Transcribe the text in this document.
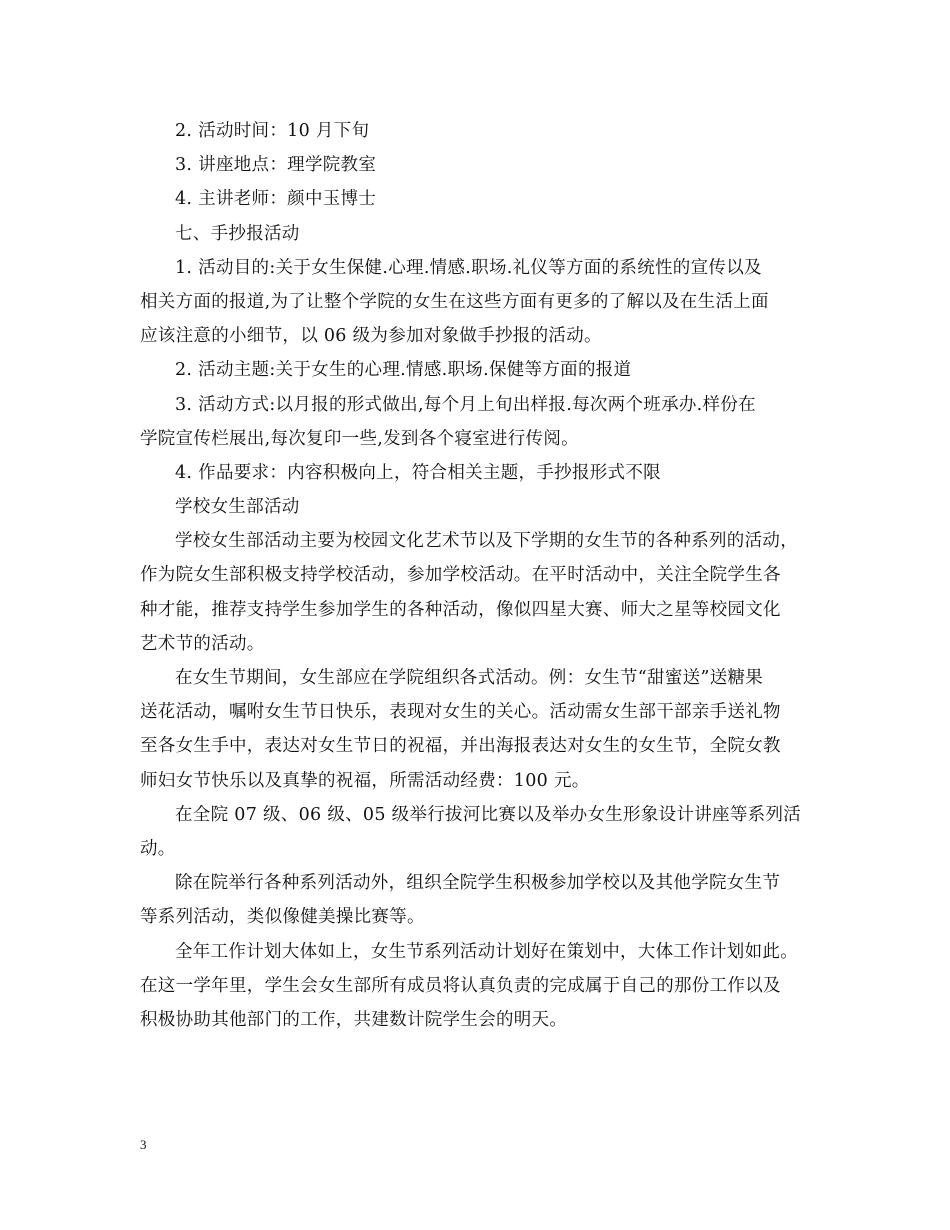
2. 活动时间：10 月下旬
3. 讲座地点：理学院教室
4. 主讲老师：颜中玉博士
七、手抄报活动
1. 活动目的:关于女生保健.心理.情感.职场.礼仪等方面的系统性的宣传以及
相关方面的报道,为了让整个学院的女生在这些方面有更多的了解以及在生活上面
应该注意的小细节，以 06 级为参加对象做手抄报的活动。
2. 活动主题:关于女生的心理.情感.职场.保健等方面的报道
3. 活动方式:以月报的形式做出,每个月上旬出样报.每次两个班承办.样份在
学院宣传栏展出,每次复印一些,发到各个寝室进行传阅。
4. 作品要求：内容积极向上，符合相关主题，手抄报形式不限
学校女生部活动
学校女生部活动主要为校园文化艺术节以及下学期的女生节的各种系列的活动，
作为院女生部积极支持学校活动，参加学校活动。在平时活动中，关注全院学生各
种才能，推荐支持学生参加学生的各种活动，像似四星大赛、师大之星等校园文化
艺术节的活动。
在女生节期间，女生部应在学院组织各式活动。例：女生节“甜蜜送”送糖果
送花活动，嘱咐女生节日快乐，表现对女生的关心。活动需女生部干部亲手送礼物
至各女生手中，表达对女生节日的祝福，并出海报表达对女生的女生节，全院女教
师妇女节快乐以及真挚的祝福，所需活动经费：100 元。
在全院 07 级、06 级、05 级举行拔河比赛以及举办女生形象设计讲座等系列活
动。
除在院举行各种系列活动外，组织全院学生积极参加学校以及其他学院女生节
等系列活动，类似像健美操比赛等。
全年工作计划大体如上，女生节系列活动计划好在策划中，大体工作计划如此。
在这一学年里，学生会女生部所有成员将认真负责的完成属于自己的那份工作以及
积极协助其他部门的工作，共建数计院学生会的明天。
3
